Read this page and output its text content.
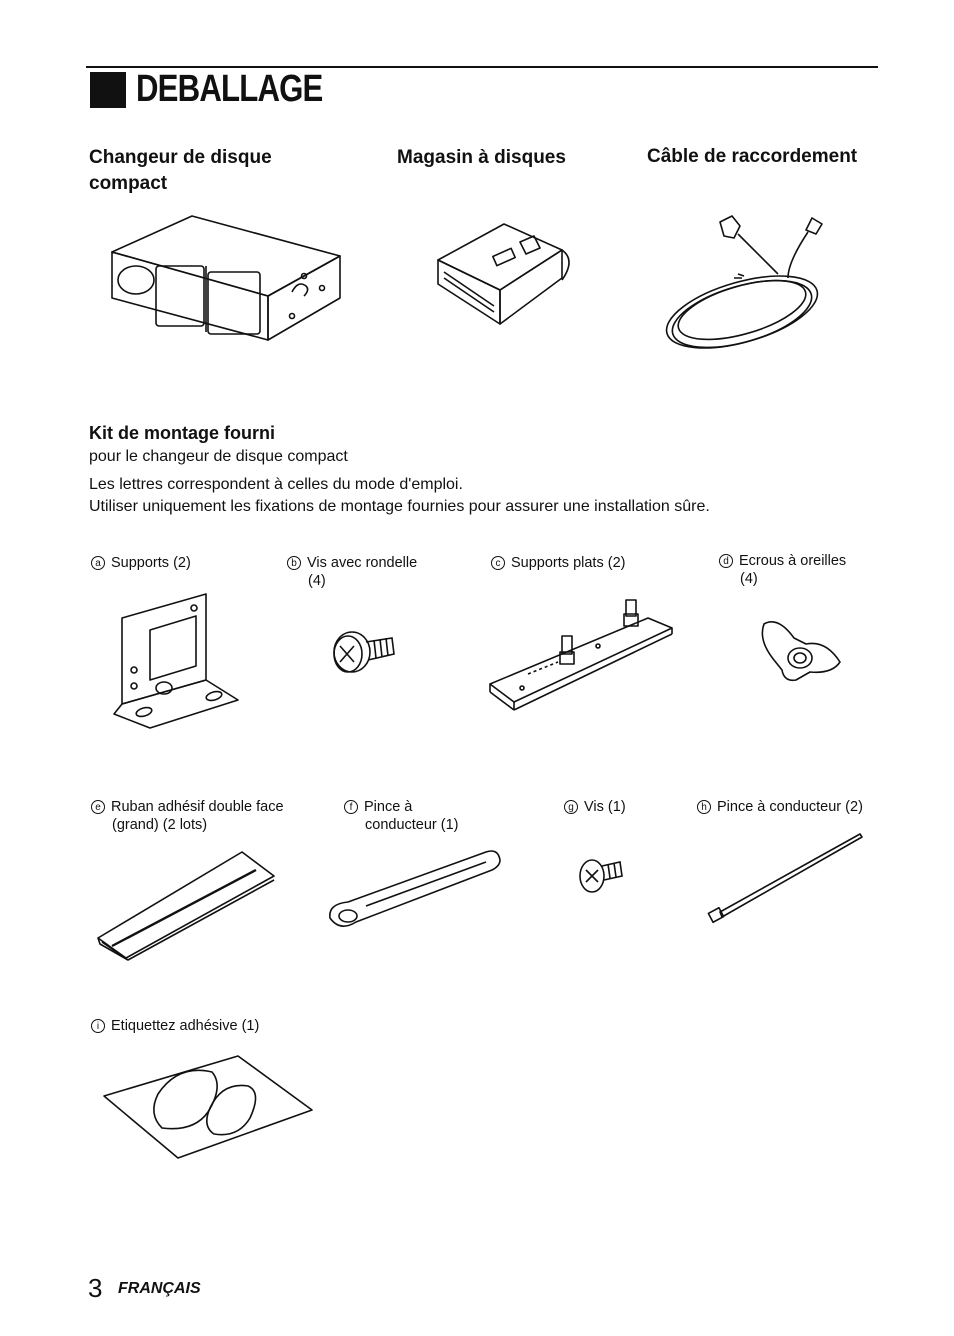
DEBALLAGE
Changeur de disque compact
Magasin à disques	Câble de raccordement
Kit de montage fourni
pour le changeur de disque compact
Les lettres correspondent à celles du mode d'emploi.
Utiliser uniquement les fixations de montage fournies pour assurer une installation sûre.
a Supports (2)	b Vis avec rondelle
(4)
c Supports plats (2)	d Ecrous à oreilles
(4)
e Ruban adhésif double face
(grand) (2 lots)
f Pince à
conducteur (1)
g Vis (1)	h Pince à conducteur (2)
i Etiquettez adhésive (1)
3 FRANÇAIS
